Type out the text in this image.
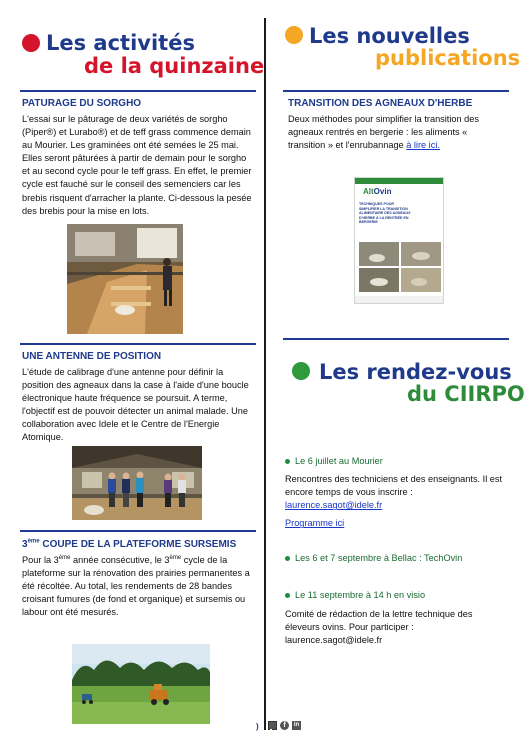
Les activités
de la quinzaine
PATURAGE DU SORGHO
L'essai sur le pâturage de deux variétés de sorgho (Piper®) et Lurabo®) et de teff grass commence demain au Mourier. Les graminées ont été semées le 25 mai. Elles seront pâturées à partir de demain pour le sorgho et au second cycle pour le teff grass. En effet, le premier cycle est fauché sur le conseil des semenciers car les brebis risquent d'arracher la plante. Ci-dessous la pesée des brebis pour la mise en lots.
UNE ANTENNE DE POSITION
L'étude de calibrage d'une antenne pour définir la position des agneaux dans la case à l'aide d'une boucle électronique haute fréquence se poursuit. A terme, l'objectif est de pouvoir détecter un animal malade. Une collaboration avec Idele et le Centre de l'Energie Atomique.
3ème COUPE DE LA PLATEFORME SURSEMIS
Pour la 3ème année consécutive, le 3ème cycle de la plateforme sur la rénovation des prairies permanentes a été récoltée. Au total, les rendements de 28 bandes croisant fumures (de fond et organique) et sursemis ou labour ont été mesurés.
Les nouvelles
publications
TRANSITION DES AGNEAUX D'HERBE
Deux méthodes pour simplifier la transition des agneaux rentrés en bergerie : les aliments « transition » et l'enrubannage à lire ici.
AltOvin
TECHNIQUES POUR SIMPLIFIER LA TRANSITION ALIMENTAIRE DES AGNEAUX D'HERBE À LA RENTRÉE EN BERGERIE
Les rendez-vous
du CIIRPO
Le 6 juillet au Mourier
Rencontres des techniciens et des enseignants. Il est encore temps de vous inscrire :
laurence.sagot@idele.fr
Programme ici
Les 6 et 7 septembre à Bellac : TechOvin
Le 11 septembre à 14 h en visio
Comité de rédaction de la lettre technique des éleveurs ovins. Pour participer :
laurence.sagot@idele.fr
)	f	in
